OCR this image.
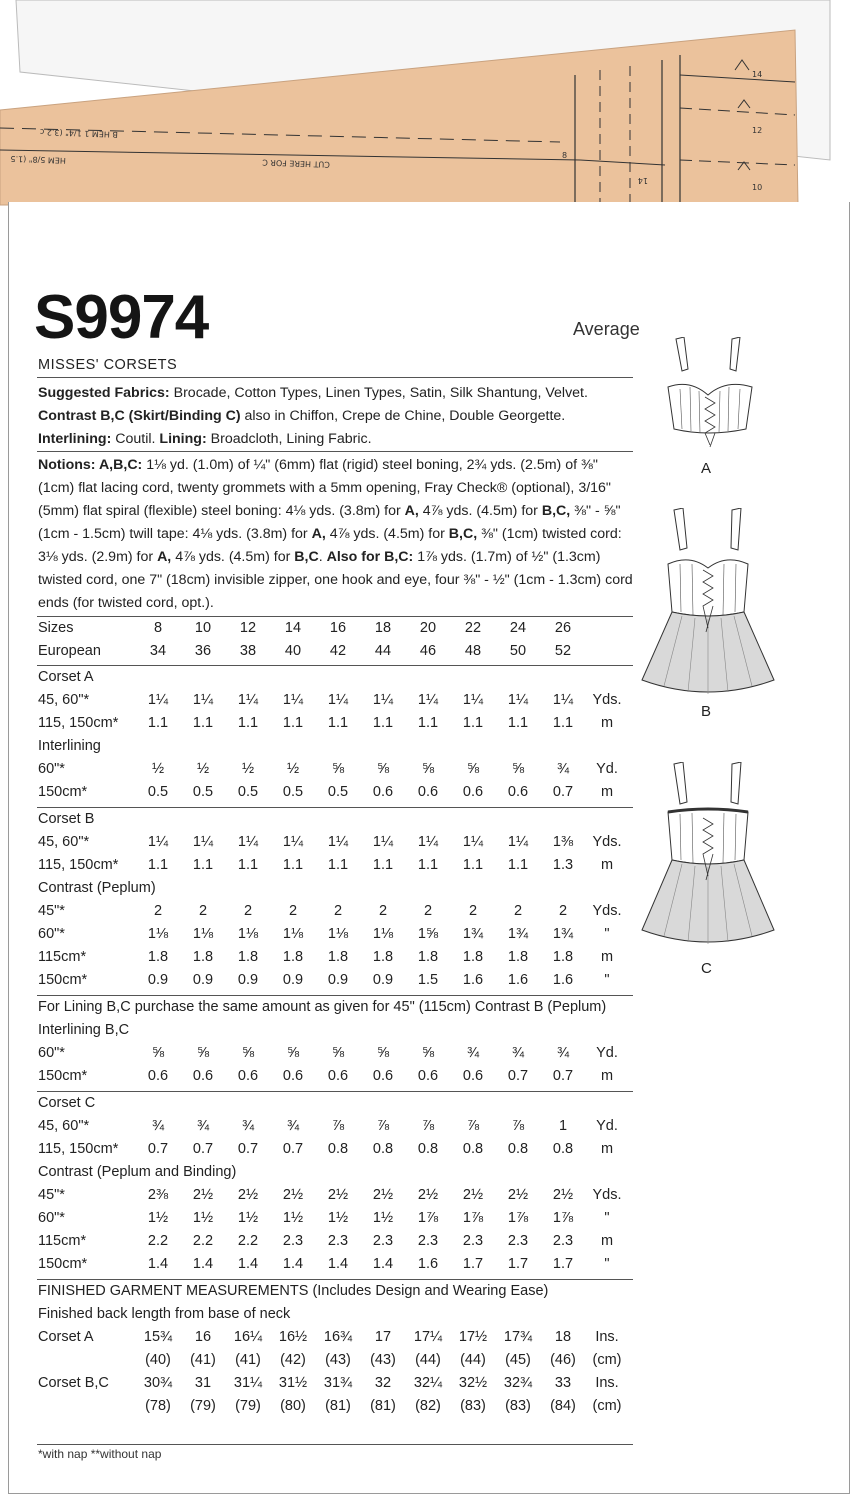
B HEM 1 1/4" (3.2 c
HEM 5/8" (1.5	CUT HERE FOR C
14
12
10
8
14
S9974	Average
MISSES' CORSETS
Suggested Fabrics: Brocade, Cotton Types, Linen Types, Satin, Silk Shantung, Velvet.
Contrast B,C (Skirt/Binding C) also in Chiffon, Crepe de Chine, Double Georgette. Interlining: Coutil. Lining: Broadcloth, Lining Fabric.
Notions: A,B,C: 1⅛ yd. (1.0m) of ¼" (6mm) flat (rigid) steel boning, 2¾ yds. (2.5m) of ⅜" (1cm) flat lacing cord, twenty grommets with a 5mm opening, Fray Check® (optional), 3/16" (5mm) flat spiral (flexible) steel boning: 4⅛ yds. (3.8m) for A, 4⅞ yds. (4.5m) for B,C, ⅜" - ⅝" (1cm - 1.5cm) twill tape: 4⅛ yds. (3.8m) for A, 4⅞ yds. (4.5m) for B,C, ⅜" (1cm) twisted cord: 3⅛ yds. (2.9m) for A, 4⅞ yds. (4.5m) for B,C. Also for B,C: 1⅞ yds. (1.7m) of ½" (1.3cm) twisted cord, one 7" (18cm) invisible zipper, one hook and eye, four ⅜" - ½" (1cm - 1.3cm) cord ends (for twisted cord, opt.).
Sizes	8	10	12	14	16	18	20	22	24	26
European	34	36	38	40	42	44	46	48	50	52
Corset A
45, 60"*	1¼	1¼	1¼	1¼	1¼	1¼	1¼	1¼	1¼	1¼	Yds.
115, 150cm*	1.1	1.1	1.1	1.1	1.1	1.1	1.1	1.1	1.1	1.1	m
Interlining
60"*	½	½	½	½	⅝	⅝	⅝	⅝	⅝	¾	Yd.
150cm*	0.5	0.5	0.5	0.5	0.5	0.6	0.6	0.6	0.6	0.7	m
Corset B
45, 60"*	1¼	1¼	1¼	1¼	1¼	1¼	1¼	1¼	1¼	1⅜	Yds.
115, 150cm*	1.1	1.1	1.1	1.1	1.1	1.1	1.1	1.1	1.1	1.3	m
Contrast (Peplum)
45"*	2	2	2	2	2	2	2	2	2	2	Yds.
60"*	1⅛	1⅛	1⅛	1⅛	1⅛	1⅛	1⅝	1¾	1¾	1¾	"
115cm*	1.8	1.8	1.8	1.8	1.8	1.8	1.8	1.8	1.8	1.8	m
150cm*	0.9	0.9	0.9	0.9	0.9	0.9	1.5	1.6	1.6	1.6	"
For Lining B,C purchase the same amount as given for 45" (115cm) Contrast B (Peplum)
Interlining B,C
60"*	⅝	⅝	⅝	⅝	⅝	⅝	⅝	¾	¾	¾	Yd.
150cm*	0.6	0.6	0.6	0.6	0.6	0.6	0.6	0.6	0.7	0.7	m
Corset C
45, 60"*	¾	¾	¾	¾	⅞	⅞	⅞	⅞	⅞	1	Yd.
115, 150cm*	0.7	0.7	0.7	0.7	0.8	0.8	0.8	0.8	0.8	0.8	m
Contrast (Peplum and Binding)
45"*	2⅜	2½	2½	2½	2½	2½	2½	2½	2½	2½	Yds.
60"*	1½	1½	1½	1½	1½	1½	1⅞	1⅞	1⅞	1⅞	"
115cm*	2.2	2.2	2.2	2.3	2.3	2.3	2.3	2.3	2.3	2.3	m
150cm*	1.4	1.4	1.4	1.4	1.4	1.4	1.6	1.7	1.7	1.7	"
FINISHED GARMENT MEASUREMENTS (Includes Design and Wearing Ease)
Finished back length from base of neck
Corset A	15¾	16	16¼	16½	16¾	17	17¼	17½	17¾	18	Ins.
(40)	(41)	(41)	(42)	(43)	(43)	(44)	(44)	(45)	(46)	(cm)
Corset B,C	30¾	31	31¼	31½	31¾	32	32¼	32½	32¾	33	Ins.
(78)	(79)	(79)	(80)	(81)	(81)	(82)	(83)	(83)	(84)	(cm)
*with nap **without nap
A
B
C
